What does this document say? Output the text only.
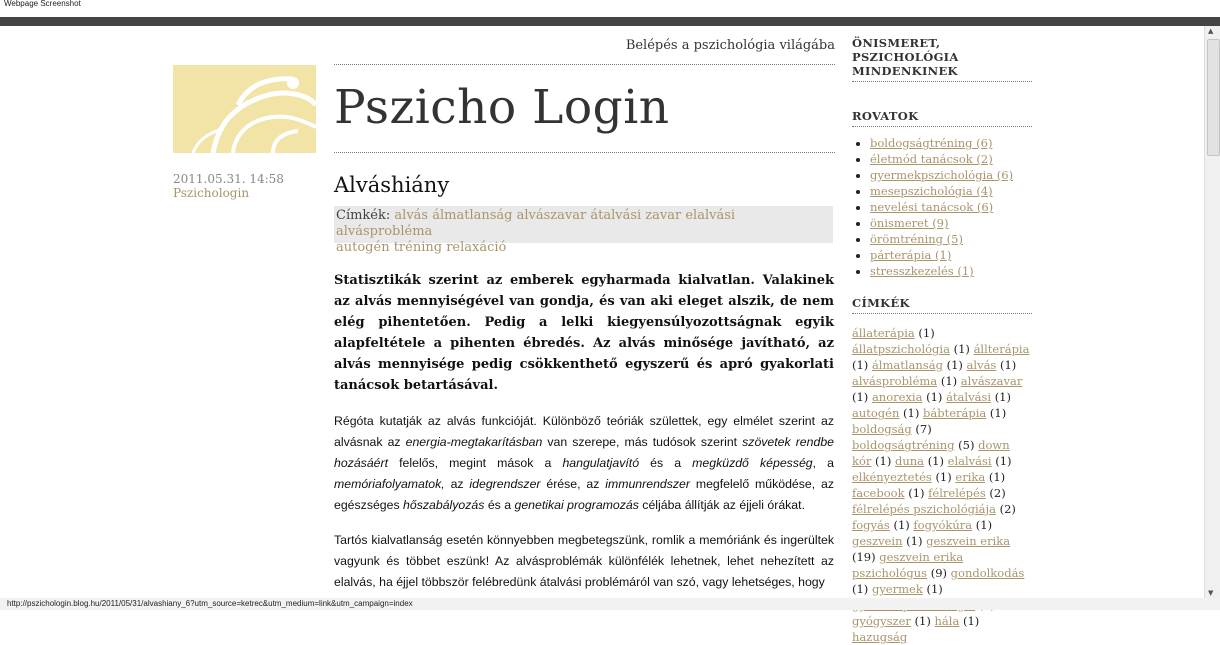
Webpage Screenshot
2011.05.31. 14:58
Pszichologin
Belépés a pszichológia világába
Pszicho Login
Alváshiány
Címkék: alvás álmatlanság alvászavar átalvási zavar elalvási alvásprobléma
autogén tréning relaxáció

Statisztikák szerint az emberek egyharmada kialvatlan. Valakinek az alvás mennyiségével van gondja, és van aki eleget alszik, de nem elég pihentetően. Pedig a lelki kiegyensúlyozottságnak egyik alapfeltétele a pihenten ébredés. Az alvás minősége javítható, az alvás mennyisége pedig csökkenthető egyszerű és apró gyakorlati tanácsok betartásával.

Régóta kutatják az alvás funkcióját. Különböző teóriák születtek, egy elmélet szerint az alvásnak az energia-megtakarításban van szerepe, más tudósok szerint szövetek rendbe hozásáért felelős, megint mások a hangulatjavító és a megküzdő képesség, a memóriafolyamatok, az idegrendszer érése, az immunrendszer megfelelő működése, az egészséges hőszabályozás és a genetikai programozás céljába állítják az éjjeli órákat.

Tartós kialvatlanság esetén könnyebben megbetegszünk, romlik a memóriánk és ingerültek vagyunk és többet eszünk! Az alvásproblémák különfélék lehetnek, lehet nehezített az elalvás, ha éjjel többször felébredünk átalvási problémáról van szó, vagy lehetséges, hogy

ÖNISMERET, PSZICHOLÓGIA MINDENKINEK
ROVATOK
• boldogságtréning (6)
• életmód tanácsok (2)
• gyermekpszichológia (6)
• mesepszichológia (4)
• nevelési tanácsok (6)
• önismeret (9)
• örömtréning (5)
• párterápia (1)
• stresszkezelés (1)
CÍMKÉK
állaterápia (1) állatpszichológia (1) állterápia (1) álmatlanság (1) alvás (1) alvásprobléma (1) alvászavar (1) anorexia (1) átalvási (1) autogén (1) bábterápia (1) boldogság (7) boldogságtréning (5) down kór (1) duna (1) elalvási (1) elkényeztetés (1) erika (1) facebook (1) félrelépés (2) félrelépés pszichológiája (2) fogyás (1) fogyókúra (1) geszvein (1) geszvein erika (19) geszvein erika pszichológus (9) gondolkodás (1) gyermek (1) gyógyszer (1) hála (1) hazugság
▲
▼
http://pszichologin.blog.hu/2011/05/31/alvashiany_6?utm_source=ketrec&utm_medium=link&utm_campaign=index
